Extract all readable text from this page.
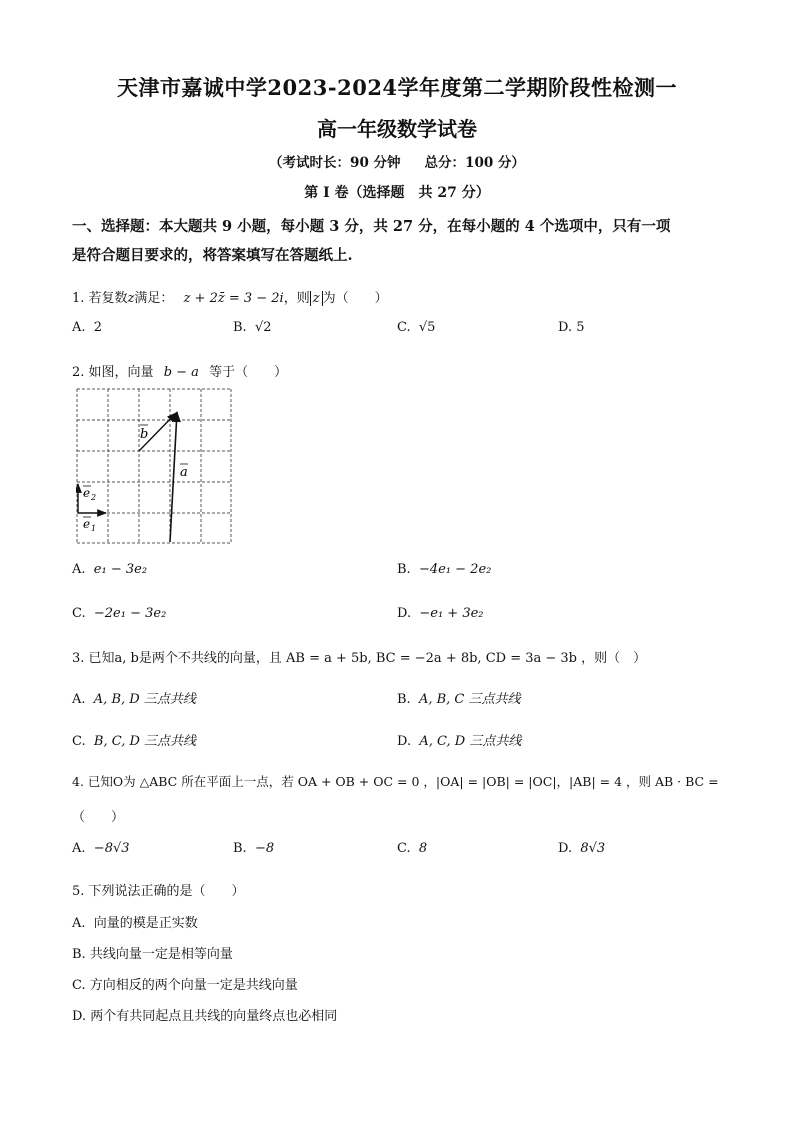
天津市嘉诚中学2023-2024学年度第二学期阶段性检测一
高一年级数学试卷
（考试时长：90 分钟 总分：100 分）
第 I 卷（选择题　共 27 分）
一、选择题：本大题共 9 小题，每小题 3 分，共 27 分，在每小题的 4 个选项中，只有一项
是符合题目要求的，将答案填写在答题纸上.
1. 若复数z满足： z + 2z̄ = 3 − 2i，则 z 为（　　）
A. 2	B. √2	C. √5	D. 5
2. 如图，向量 b − a 等于（　　）
a
b
e 2
e 1
A. e₁ − 3e₂	B. −4e₁ − 2e₂
C. −2e₁ − 3e₂	D. −e₁ + 3e₂
3. 已知a, b是两个不共线的向量，且 AB = a + 5b, BC = −2a + 8b, CD = 3a − 3b ，则（　）
A. A, B, D 三点共线	B. A, B, C 三点共线
C. B, C, D 三点共线	D. A, C, D 三点共线
4. 已知O为 △ABC 所在平面上一点，若 OA + OB + OC = 0 ，|OA| = |OB| = |OC|，|AB| = 4 ，则 AB · BC =
（　　）
A. −8√3	B. −8	C. 8	D. 8√3
5. 下列说法正确的是（　　）
A. 向量的模是正实数
B. 共线向量一定是相等向量
C. 方向相反的两个向量一定是共线向量
D. 两个有共同起点且共线的向量终点也必相同
